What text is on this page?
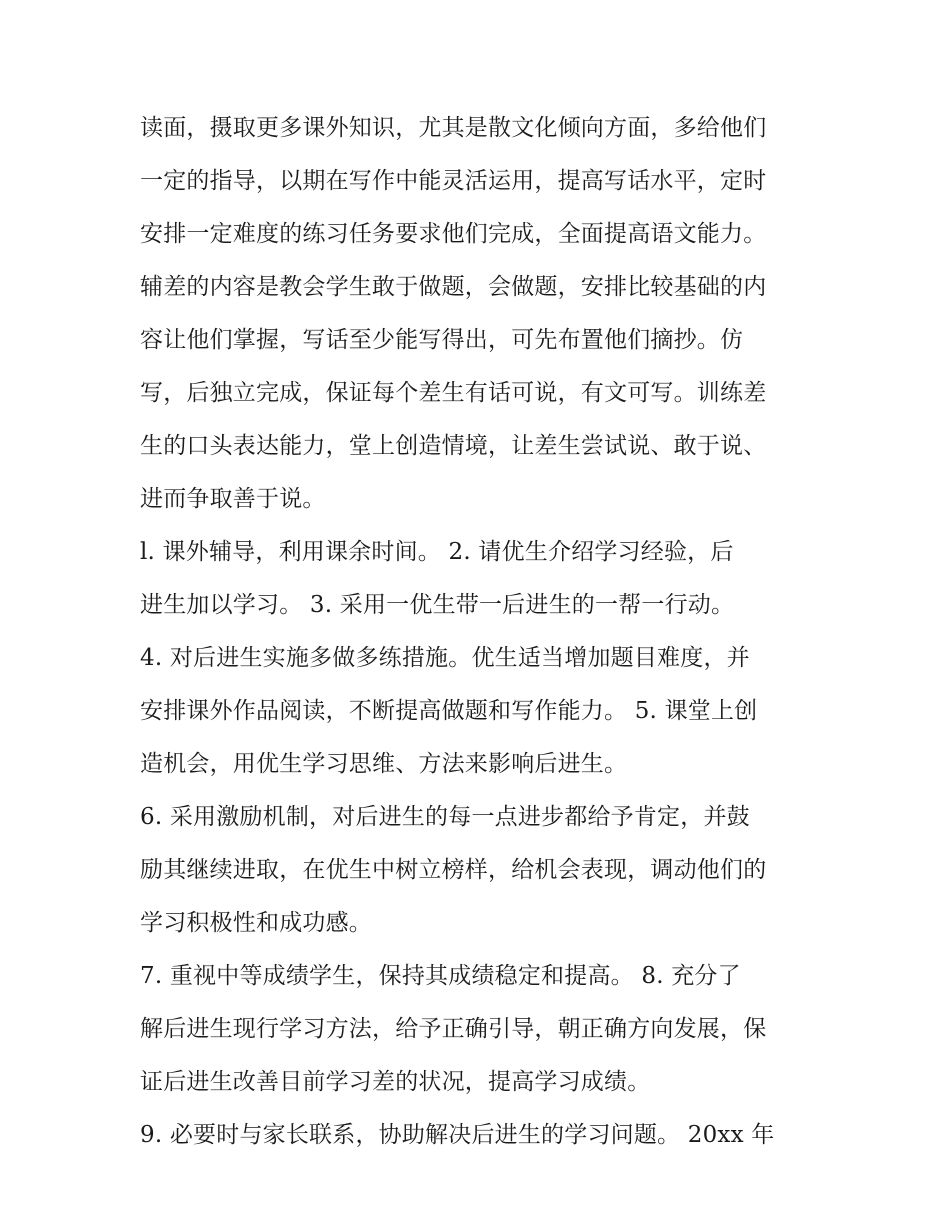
读面，摄取更多课外知识，尤其是散文化倾向方面，多给他们
一定的指导，以期在写作中能灵活运用，提高写话水平，定时
安排一定难度的练习任务要求他们完成，全面提高语文能力。
辅差的内容是教会学生敢于做题，会做题，安排比较基础的内
容让他们掌握，写话至少能写得出，可先布置他们摘抄。仿
写，后独立完成，保证每个差生有话可说，有文可写。训练差
生的口头表达能力，堂上创造情境，让差生尝试说、敢于说、
进而争取善于说。
l. 课外辅导，利用课余时间。 2. 请优生介绍学习经验，后
进生加以学习。 3. 采用一优生带一后进生的一帮一行动。
4. 对后进生实施多做多练措施。优生适当增加题目难度，并
安排课外作品阅读，不断提高做题和写作能力。 5. 课堂上创
造机会，用优生学习思维、方法来影响后进生。
6. 采用激励机制，对后进生的每一点进步都给予肯定，并鼓
励其继续进取，在优生中树立榜样，给机会表现，调动他们的
学习积极性和成功感。
7. 重视中等成绩学生，保持其成绩稳定和提高。 8. 充分了
解后进生现行学习方法，给予正确引导，朝正确方向发展，保
证后进生改善目前学习差的状况，提高学习成绩。
9. 必要时与家长联系，协助解决后进生的学习问题。 20xx 年
